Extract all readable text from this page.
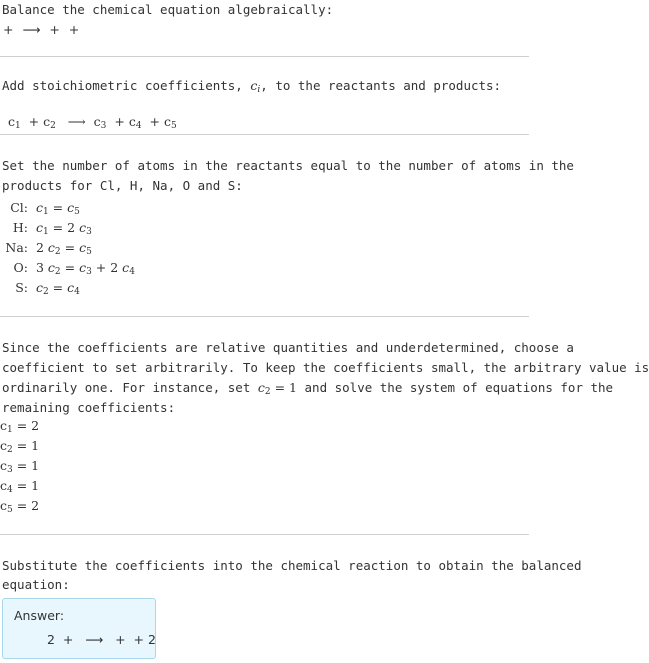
Balance the chemical equation algebraically:
+ ⟶ + +
Add stoichiometric coefficients, $c_i$, to the reactants and products:

$c_1 + c_2$   ⟶  $c_3 + c_4 + c_5$

Set the number of atoms in the reactants equal to the number of atoms in the
products for Cl, H, Na, O and S:
Cl: $c_1 = c_5$
H: $c_1 = 2$ $c_3$
Na: 2 $c_2 = c_5$
O: 3 $c_2 = c_3 + 2$ $c_4$
S: $c_2 = c_4$
Since the coefficients are relative quantities and underdetermined, choose a
coefficient to set arbitrarily. To keep the coefficients small, the arbitrary value is
ordinarily one. For instance, set $c_2 = 1$ and solve the system of equations for the
remaining coefficients:
$c_1 = 2$
$c_2 = 1$
$c_3 = 1$
$c_4 = 1$
$c_5 = 2$
Substitute the coefficients into the chemical reaction to obtain the balanced
equation:
Answer:
2  +   ⟶   +  + 2
